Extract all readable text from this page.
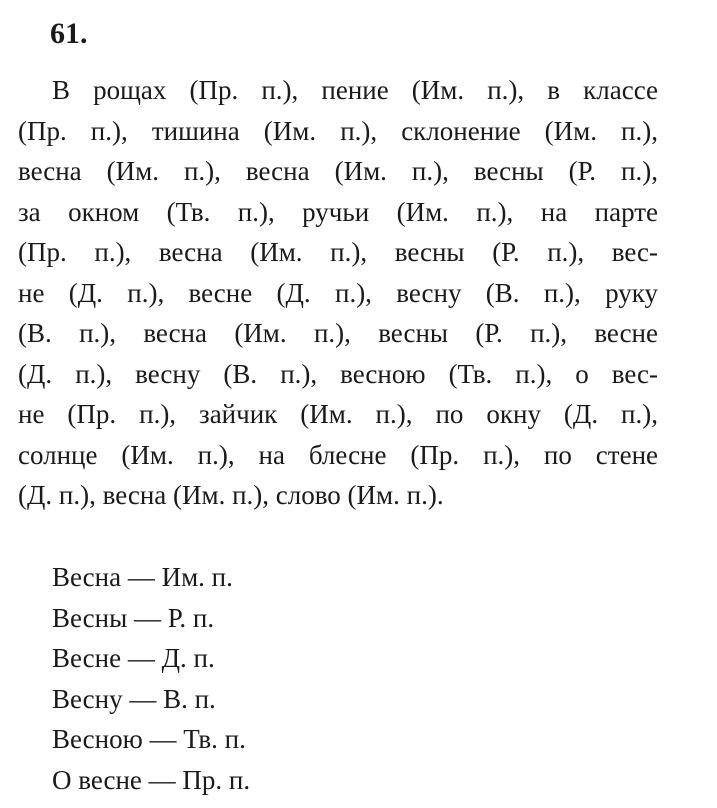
61.
В рощах (Пр. п.), пение (Им. п.), в классе
(Пр. п.), тишина (Им. п.), склонение (Им. п.),
весна (Им. п.), весна (Им. п.), весны (Р. п.),
за окном (Тв. п.), ручьи (Им. п.), на парте
(Пр. п.), весна (Им. п.), весны (Р. п.), вес-
не (Д. п.), весне (Д. п.), весну (В. п.), руку
(В. п.), весна (Им. п.), весны (Р. п.), весне
(Д. п.), весну (В. п.), весною (Тв. п.), о вес-
не (Пр. п.), зайчик (Им. п.), по окну (Д. п.),
солнце (Им. п.), на блесне (Пр. п.), по стене
(Д. п.), весна (Им. п.), слово (Им. п.).
Весна — Им. п.
Весны — Р. п.
Весне — Д. п.
Весну — В. п.
Весною — Тв. п.
О весне — Пр. п.
